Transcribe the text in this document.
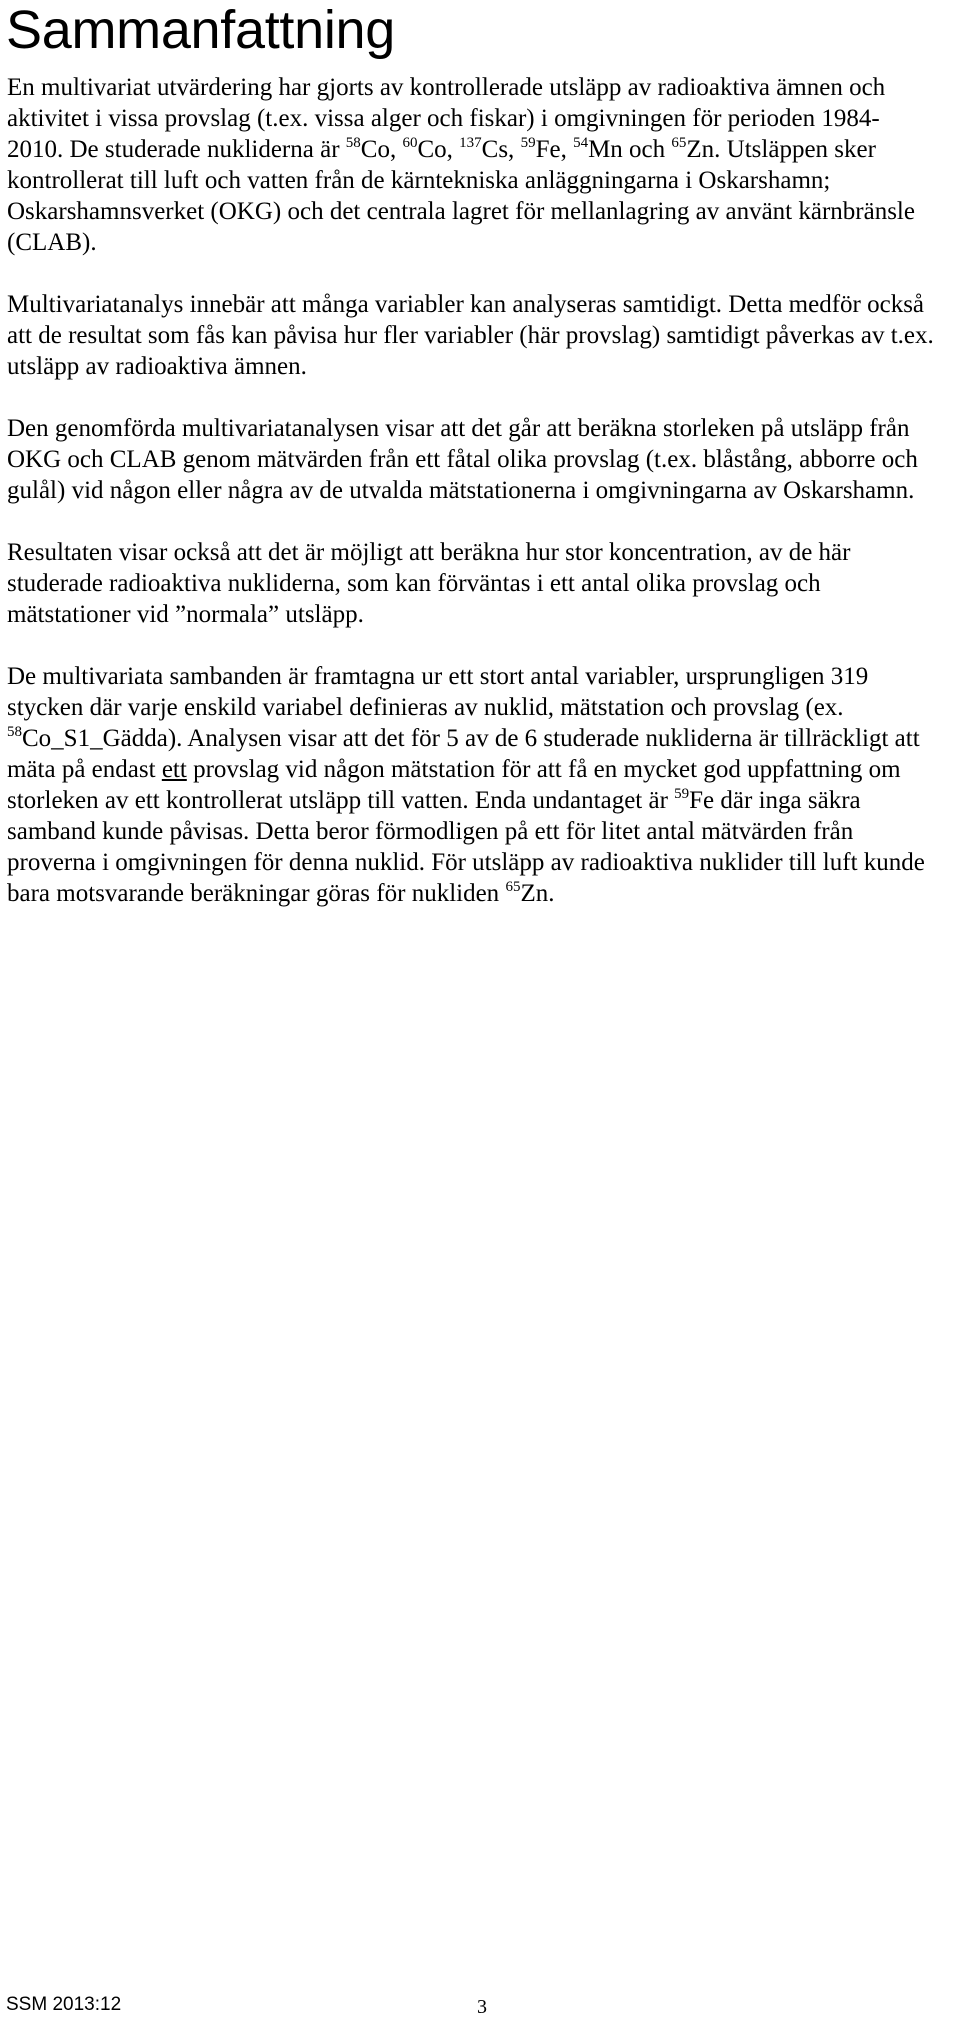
Sammanfattning

En multivariat utvärdering har gjorts av kontrollerade utsläpp av radioaktiva ämnen och aktivitet i vissa provslag (t.ex. vissa alger och fiskar) i omgivningen för perioden 1984-2010. De studerade nukliderna är $^{58}$Co, $^{60}$Co, $^{137}$Cs, $^{59}$Fe, $^{54}$Mn och $^{65}$Zn. Utsläppen sker kontrollerat till luft och vatten från de kärntekniska anläggningarna i Oskarshamn; Oskarshamnsverket (OKG) och det centrala lagret för mellanlagring av använt kärnbränsle (CLAB).

Multivariatanalys innebär att många variabler kan analyseras samtidigt. Detta medför också att de resultat som fås kan påvisa hur fler variabler (här provslag) samtidigt påverkas av t.ex. utsläpp av radioaktiva ämnen.

Den genomförda multivariatanalysen visar att det går att beräkna storleken på utsläpp från OKG och CLAB genom mätvärden från ett fåtal olika provslag (t.ex. blåstång, abborre och gulål) vid någon eller några av de utvalda mätstationerna i omgivningarna av Oskarshamn.

Resultaten visar också att det är möjligt att beräkna hur stor koncentration, av de här studerade radioaktiva nukliderna, som kan förväntas i ett antal olika provslag och mätstationer vid ”normala” utsläpp.

De multivariata sambanden är framtagna ur ett stort antal variabler, ursprungligen 319 stycken där varje enskild variabel definieras av nuklid, mätstation och provslag (ex. $^{58}$Co_S1_Gädda). Analysen visar att det för 5 av de 6 studerade nukliderna är tillräckligt att mäta på endast ett provslag vid någon mätstation för att få en mycket god uppfattning om storleken av ett kontrollerat utsläpp till vatten. Enda undantaget är $^{59}$Fe där inga säkra samband kunde påvisas. Detta beror förmodligen på ett för litet antal mätvärden från proverna i omgivningen för denna nuklid. För utsläpp av radioaktiva nuklider till luft kunde bara motsvarande beräkningar göras för nukliden $^{65}$Zn.

SSM 2013:12	3
